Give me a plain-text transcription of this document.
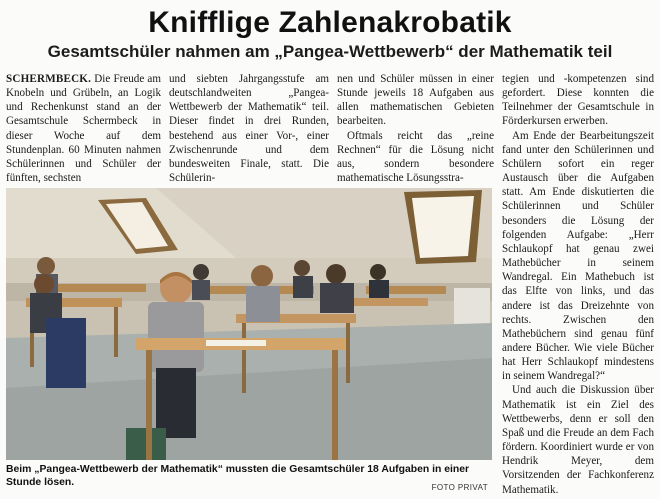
Knifflige Zahlenakrobatik
Gesamtschüler nahmen am „Pangea-Wettbewerb“ der Mathematik teil

SCHERMBECK. Die Freude am Knobeln und Grübeln, an Logik und Rechenkunst stand an der Gesamtschule Schermbeck in dieser Woche auf dem Stundenplan. 60 Minuten nahmen Schülerinnen und Schüler der fünften, sechsten

und siebten Jahrgangsstufe am deutschlandweiten „Pangea-Wettbewerb der Mathematik“ teil. Dieser findet in drei Runden, bestehend aus einer Vor-, einer Zwischenrunde und dem bundesweiten Finale, statt. Die Schülerin-

nen und Schüler müssen in einer Stunde jeweils 18 Aufgaben aus allen mathematischen Gebieten bearbeiten.

Oftmals reicht das „reine Rechnen“ für die Lösung nicht aus, sondern besondere mathematische Lösungsstra-

tegien und -kompetenzen sind gefordert. Diese konnten die Teilnehmer der Gesamtschule in Förderkursen erwerben.

Am Ende der Bearbeitungszeit fand unter den Schülerinnen und Schülern sofort ein reger Austausch über die Aufgaben statt. Am Ende diskutierten die Schülerinnen und Schüler besonders die Lösung der folgenden Aufgabe: „Herr Schlaukopf hat genau zwei Mathebücher in seinem Wandregal. Ein Mathebuch ist das Elfte von links, und das andere ist das Dreizehnte von rechts. Zwischen den Mathebüchern sind genau fünf andere Bücher. Wie viele Bücher hat Herr Schlaukopf mindestens in seinem Wandregal?“

Und auch die Diskussion über Mathematik ist ein Ziel des Wettbewerbs, denn er soll den Spaß und die Freude an dem Fach fördern. Koordiniert wurde er von Hendrik Meyer, dem Vorsitzenden der Fachkonferenz Mathematik.

Beim „Pangea-Wettbewerb der Mathematik“ mussten die Gesamtschüler 18 Aufgaben in einer Stunde lösen.	FOTO PRIVAT
